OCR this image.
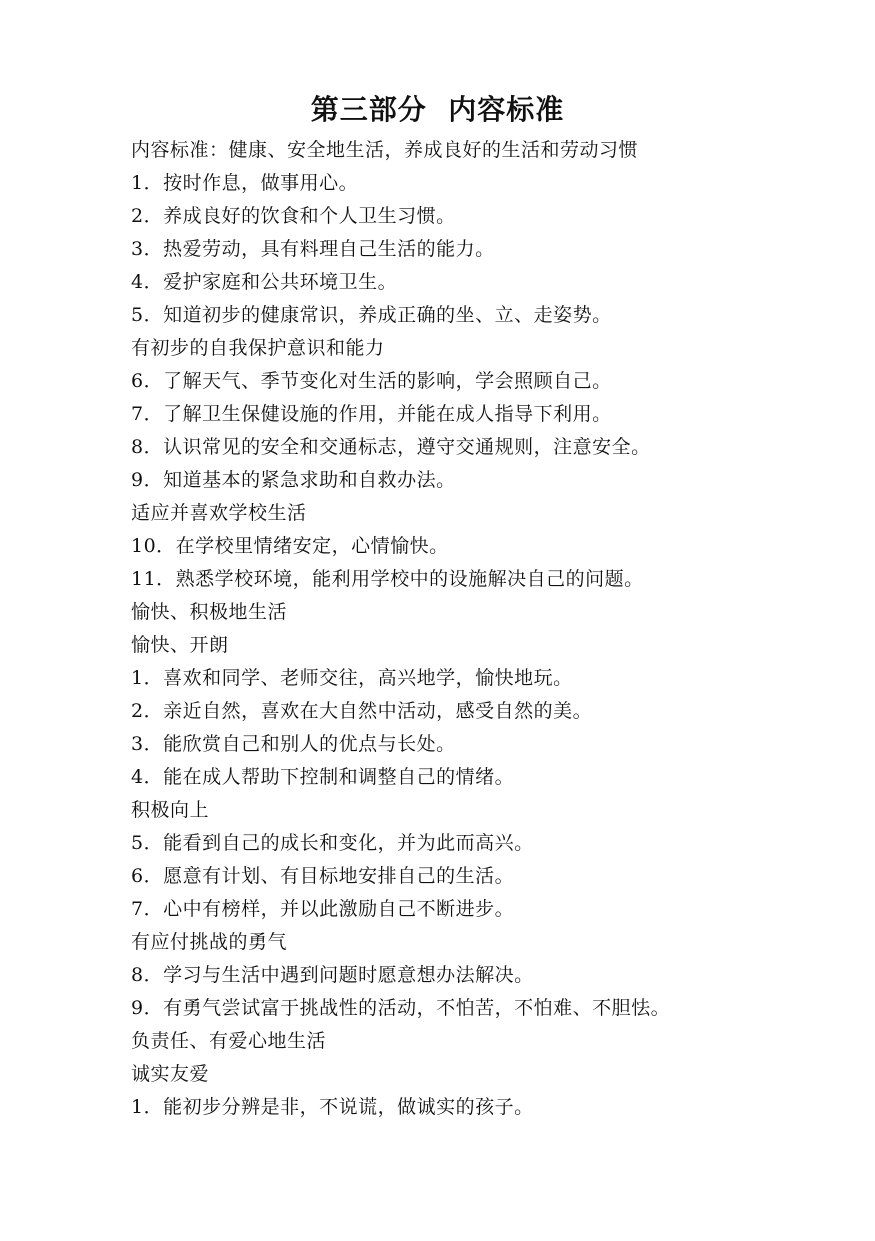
第三部分  内容标准
内容标准：健康、安全地生活，养成良好的生活和劳动习惯
1．按时作息，做事用心。
2．养成良好的饮食和个人卫生习惯。
3．热爱劳动，具有料理自己生活的能力。
4．爱护家庭和公共环境卫生。
5．知道初步的健康常识，养成正确的坐、立、走姿势。
有初步的自我保护意识和能力
6．了解天气、季节变化对生活的影响，学会照顾自己。
7．了解卫生保健设施的作用，并能在成人指导下利用。
8．认识常见的安全和交通标志，遵守交通规则，注意安全。
9．知道基本的紧急求助和自救办法。
适应并喜欢学校生活
10．在学校里情绪安定，心情愉快。
11．熟悉学校环境，能利用学校中的设施解决自己的问题。
愉快、积极地生活
愉快、开朗
1．喜欢和同学、老师交往，高兴地学，愉快地玩。
2．亲近自然，喜欢在大自然中活动，感受自然的美。
3．能欣赏自己和别人的优点与长处。
4．能在成人帮助下控制和调整自己的情绪。
积极向上
5．能看到自己的成长和变化，并为此而高兴。
6．愿意有计划、有目标地安排自己的生活。
7．心中有榜样，并以此激励自己不断进步。
有应付挑战的勇气
8．学习与生活中遇到问题时愿意想办法解决。
9．有勇气尝试富于挑战性的活动，不怕苦，不怕难、不胆怯。
负责任、有爱心地生活
诚实友爱
1．能初步分辨是非，不说谎，做诚实的孩子。
